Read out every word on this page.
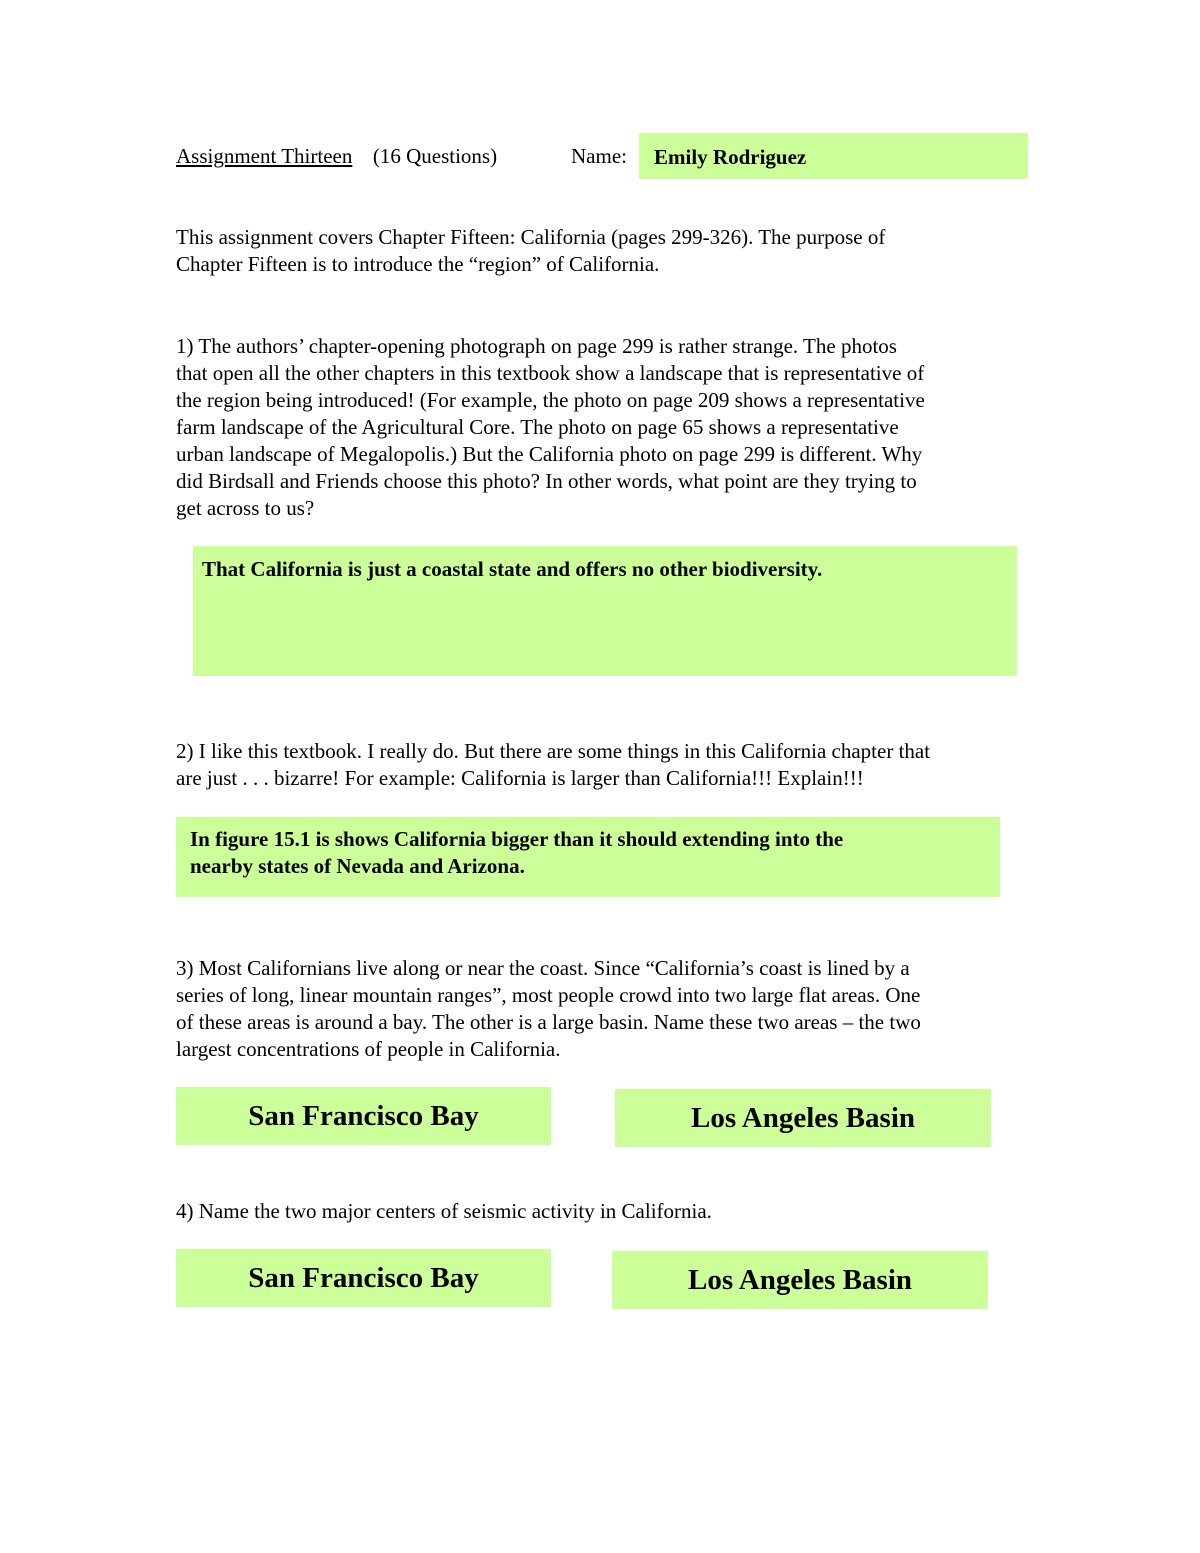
Assignment Thirteen (16 Questions)	Name:	Emily Rodriguez
This assignment covers Chapter Fifteen: California (pages 299-326). The purpose of
Chapter Fifteen is to introduce the “region” of California.
1) The authors’ chapter-opening photograph on page 299 is rather strange. The photos
that open all the other chapters in this textbook show a landscape that is representative of
the region being introduced! (For example, the photo on page 209 shows a representative
farm landscape of the Agricultural Core. The photo on page 65 shows a representative
urban landscape of Megalopolis.) But the California photo on page 299 is different. Why
did Birdsall and Friends choose this photo? In other words, what point are they trying to
get across to us?
That California is just a coastal state and offers no other biodiversity.
2) I like this textbook. I really do. But there are some things in this California chapter that
are just . . . bizarre! For example: California is larger than California!!! Explain!!!
In figure 15.1 is shows California bigger than it should extending into the
nearby states of Nevada and Arizona.
3) Most Californians live along or near the coast. Since “California’s coast is lined by a
series of long, linear mountain ranges”, most people crowd into two large flat areas. One
of these areas is around a bay. The other is a large basin. Name these two areas – the two
largest concentrations of people in California.
San Francisco Bay	Los Angeles Basin
4) Name the two major centers of seismic activity in California.
San Francisco Bay	Los Angeles Basin
